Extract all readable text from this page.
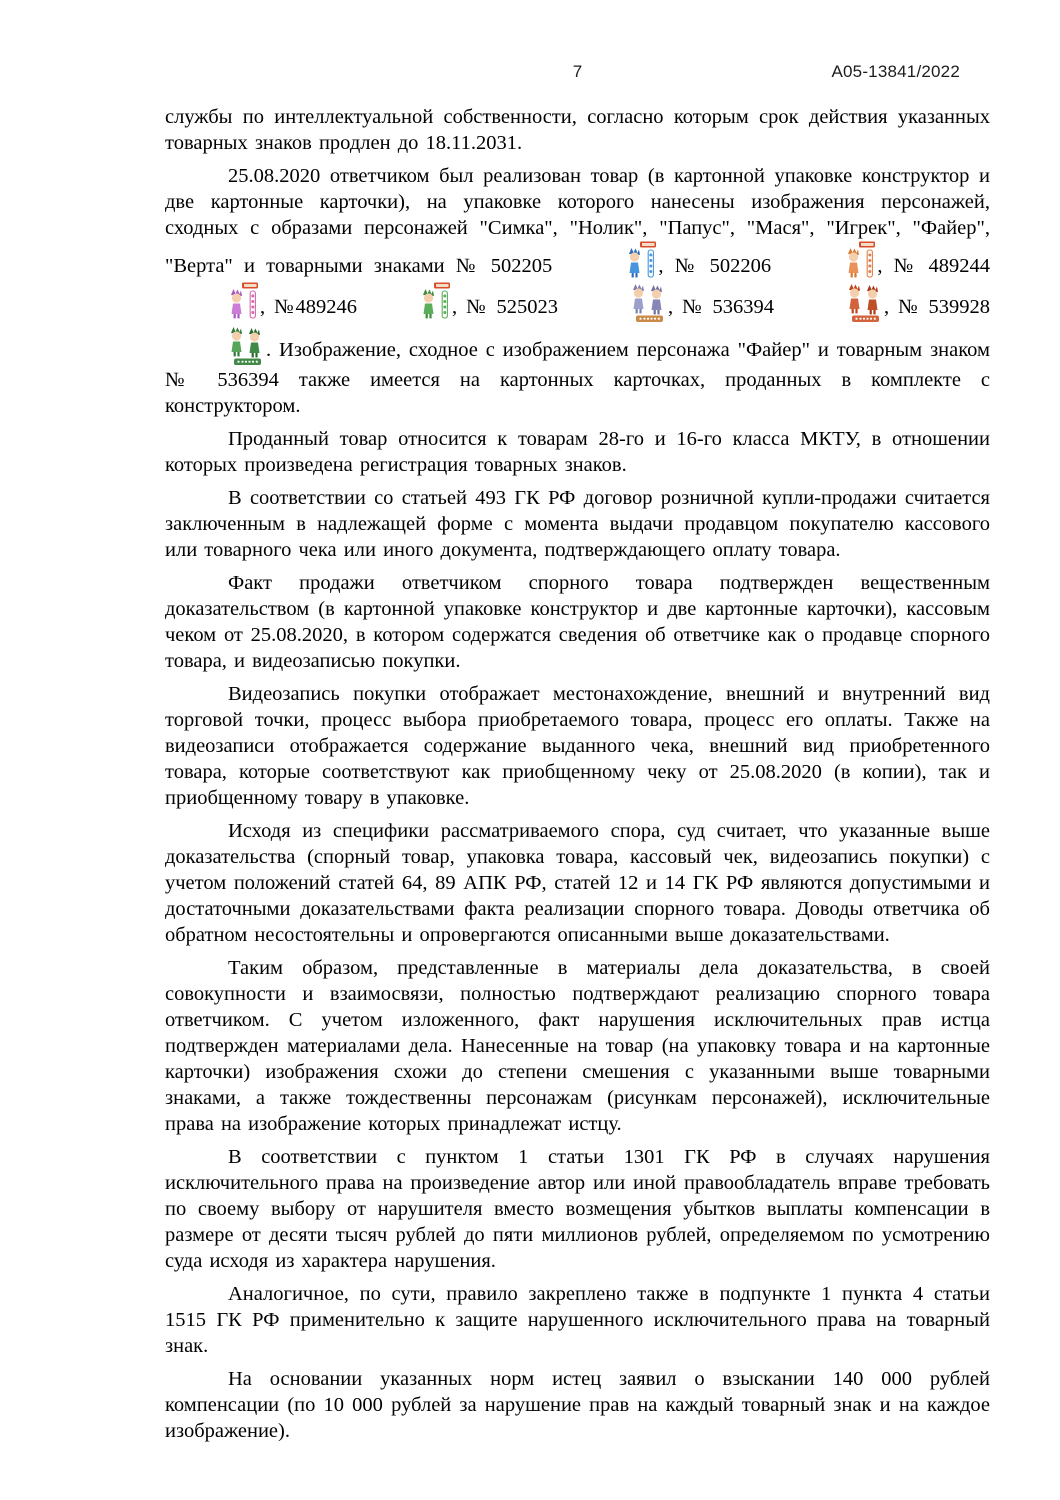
7	А05-13841/2022

службы по интеллектуальной собственности, согласно которым срок действия указанных товарных знаков продлен до 18.11.2031.

25.08.2020 ответчиком был реализован товар (в картонной упаковке конструктор и две картонные карточки), на упаковке которого нанесены изображения персонажей, сходных с образами персонажей "Симка", "Нолик", "Папус", "Мася", "Игрек", "Файер", "Верта" и товарными знаками № 502205	, № 502206	, № 489244 , №489246	, № 525023	, № 536394	, № 539928 . Изображение, сходное с изображением персонажа "Файер" и товарным знаком № 536394 также имеется на картонных карточках, проданных в комплекте с конструктором.

Проданный товар относится к товарам 28-го и 16-го класса МКТУ, в отношении которых произведена регистрация товарных знаков.

В соответствии со статьей 493 ГК РФ договор розничной купли-продажи считается заключенным в надлежащей форме с момента выдачи продавцом покупателю кассового или товарного чека или иного документа, подтверждающего оплату товара.

Факт продажи ответчиком спорного товара подтвержден вещественным доказательством (в картонной упаковке конструктор и две картонные карточки), кассовым чеком от 25.08.2020, в котором содержатся сведения об ответчике как о продавце спорного товара, и видеозаписью покупки.

Видеозапись покупки отображает местонахождение, внешний и внутренний вид торговой точки, процесс выбора приобретаемого товара, процесс его оплаты. Также на видеозаписи отображается содержание выданного чека, внешний вид приобретенного товара, которые соответствуют как приобщенному чеку от 25.08.2020 (в копии), так и приобщенному товару в упаковке.

Исходя из специфики рассматриваемого спора, суд считает, что указанные выше доказательства (спорный товар, упаковка товара, кассовый чек, видеозапись покупки) с учетом положений статей 64, 89 АПК РФ, статей 12 и 14 ГК РФ являются допустимыми и достаточными доказательствами факта реализации спорного товара. Доводы ответчика об обратном несостоятельны и опровергаются описанными выше доказательствами.

Таким образом, представленные в материалы дела доказательства, в своей совокупности и взаимосвязи, полностью подтверждают реализацию спорного товара ответчиком. С учетом изложенного, факт нарушения исключительных прав истца подтвержден материалами дела. Нанесенные на товар (на упаковку товара и на картонные карточки) изображения схожи до степени смешения с указанными выше товарными знаками, а также тождественны персонажам (рисункам персонажей), исключительные права на изображение которых принадлежат истцу.

В соответствии с пунктом 1 статьи 1301 ГК РФ в случаях нарушения исключительного права на произведение автор или иной правообладатель вправе требовать по своему выбору от нарушителя вместо возмещения убытков выплаты компенсации в размере от десяти тысяч рублей до пяти миллионов рублей, определяемом по усмотрению суда исходя из характера нарушения.

Аналогичное, по сути, правило закреплено также в подпункте 1 пункта 4 статьи 1515 ГК РФ применительно к защите нарушенного исключительного права на товарный знак.

На основании указанных норм истец заявил о взыскании 140 000 рублей компенсации (по 10 000 рублей за нарушение прав на каждый товарный знак и на каждое изображение).
